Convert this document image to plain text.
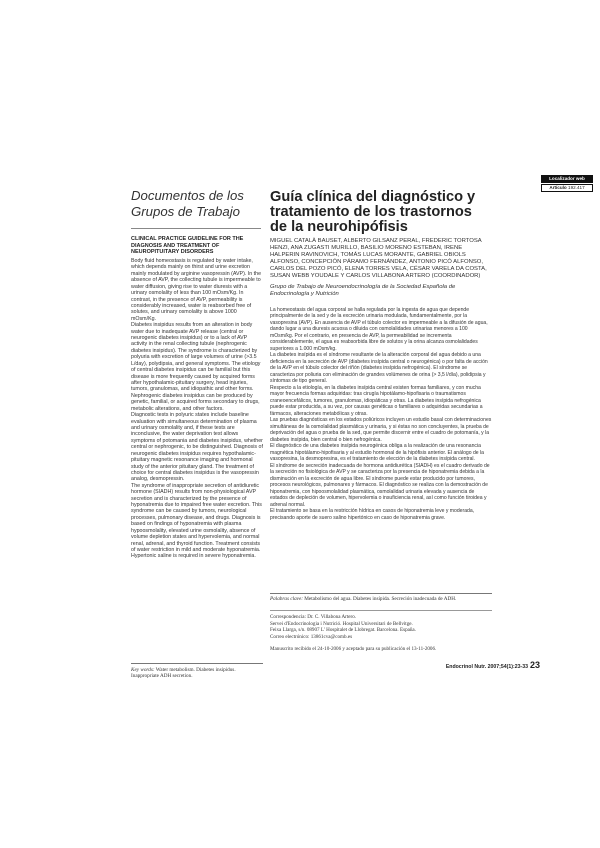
Localizador web
Artículo 192.417
Documentos de los Grupos de Trabajo
CLINICAL PRACTICE GUIDELINE FOR THE DIAGNOSIS AND TREATMENT OF NEUROPITUITARY DISORDERS

Body fluid homeostasis is regulated by water intake, which depends mainly on thirst and urine excretion mainly modulated by arginine vasopressin (AVP). In the absence of AVP, the collecting tubule is impermeable to water diffusion, giving rise to water diuresis with a urinary osmolality of less than 100 mOsm/Kg. In contrast, in the presence of AVP, permeability is considerably increased, water is reabsorbed free of solutes, and urinary osmolality is above 1000 mOsm/Kg.

Diabetes insipidus results from an alteration in body water due to inadequate AVP release (central or neurogenic diabetes insipidus) or to a lack of AVP activity in the renal collecting tubule (nephrogenic diabetes insipidus). The syndrome is characterized by polyuria with excretion of large volumes of urine (>3.5 L/day), polydipsia, and general symptoms. The etiology of central diabetes insipidus can be familial but this disease is more frequently caused by acquired forms after hypothalamic-pituitary surgery, head injuries, tumors, granulomas, and idiopathic and other forms. Nephrogenic diabetes insipidus can be produced by genetic, familial, or acquired forms secondary to drugs, metabolic alterations, and other factors.

Diagnostic tests in polyuric states include baseline evaluation with simultaneous determination of plasma and urinary osmolality and, if these tests are inconclusive, the water deprivation test allows symptoms of potomania and diabetes insipidus, whether central or nephrogenic, to be distinguished. Diagnosis of neurogenic diabetes insipidus requires hypothalamic-pituitary magnetic resonance imaging and hormonal study of the anterior pituitary gland. The treatment of choice for central diabetes insipidus is the vasopressin analog, desmopressin.

The syndrome of inappropriate secretion of antidiuretic hormone (SIADH) results from non-physiological AVP secretion and is characterized by the presence of hyponatremia due to impaired free water excretion. This syndrome can be caused by tumors, neurological processes, pulmonary disease, and drugs. Diagnosis is based on findings of hyponatremia with plasma hypoosmolality, elevated urine osmolality, absence of volume depletion states and hypervolemia, and normal renal, adrenal, and thyroid function. Treatment consists of water restriction in mild and moderate hyponatremia. Hypertonic saline is required in severe hyponatremia.

Key words: Water metabolism. Diabetes insipidus. Inappropriate ADH secretion.
Guía clínica del diagnóstico y tratamiento de los trastornos de la neurohipófisis
MIGUEL CATALÀ BAUSET, ALBERTO GILSANZ PERAL, FREDERIC TORTOSA HENZI, ANA ZUGASTI MURILLO, BASILIO MORENO ESTEBAN, IRENE HALPERIN RAVINOVICH, TOMÁS LUCAS MORANTE, GABRIEL OBIOLS ALFONSO, CONCEPCIÓN PÁRAMO FERNÁNDEZ, ANTONIO PICÓ ALFONSO, CARLOS DEL POZO PICÓ, ELENA TORRES VELA, CÉSAR VARELA DA COSTA, SUSAN WEBB YOUDALE Y CARLOS VILLABONA ARTERO (COORDINADOR)
Grupo de Trabajo de Neuroendocrinología de la Sociedad Española de Endocrinología y Nutrición

La homeostasis del agua corporal se halla regulada por la ingesta de agua que depende principalmente de la sed y de la excreción urinaria modulada, fundamentalmente, por la vasopresina (AVP). En ausencia de AVP el túbulo colector es impermeable a la difusión de agua, dando lugar a una diuresis acuosa o diluida con osmolalidades urinarias menores a 100 mOsm/kg. Por el contrario, en presencia de AVP, la permeabilidad se incrementa considerablemente, el agua es reabsorbida libre de solutos y la orina alcanza osmolalidades superiores a 1.000 mOsm/kg.

La diabetes insípida es el síndrome resultante de la alteración corporal del agua debido a una deficiencia en la secreción de AVP (diabetes insípida central o neurogénica) o por falta de acción de la AVP en el túbulo colector del riñón (diabetes insípida nefrogénica). El síndrome se caracteriza por poliuria con eliminación de grandes volúmenes de orina (> 3,5 l/día), polidipsia y síntomas de tipo general.

Respecto a la etiología, en la diabetes insípida central existen formas familiares, y con mucha mayor frecuencia formas adquiridas: tras cirugía hipotálamo-hipofisaria o traumatismos craneoencefálicos, tumores, granulomas, idiopáticas y otras. La diabetes insípida nefrogénica puede estar producida, a su vez, por causas genéticas o familiares o adquiridas secundarias a fármacos, alteraciones metabólicas y otras.

Las pruebas diagnósticas en los estados poliúricos incluyen un estudio basal con determinaciones simultáneas de la osmolalidad plasmática y urinaria, y si éstas no son concluyentes, la prueba de deprivación del agua o prueba de la sed, que permite discernir entre el cuadro de potomanía, y la diabetes insípida, bien central o bien nefrogénica.

El diagnóstico de una diabetes insípida neurogénica obliga a la realización de una resonancia magnética hipotálamo-hipofisaria y al estudio hormonal de la hipófisis anterior. El análogo de la vasopresina, la desmopresina, es el tratamiento de elección de la diabetes insípida central.

El síndrome de secreción inadecuada de hormona antidiurética (SIADH) es el cuadro derivado de la secreción no fisiológica de AVP y se caracteriza por la presencia de hiponatremia debida a la disminución en la excreción de agua libre. El síndrome puede estar producido por tumores, procesos neurológicos, pulmonares y fármacos. El diagnóstico se realiza con la demostración de hiponatremia, con hipoosmolalidad plasmática, osmolalidad urinaria elevada y ausencia de estados de depleción de volumen, hipervolemia o insuficiencia renal, así como función tiroidea y adrenal normal.

El tratamiento se basa en la restricción hídrica en casos de hiponatremia leve y moderada, precisando aporte de suero salino hipertónico en caso de hiponatremia grave.

Palabras clave: Metabolismo del agua. Diabetes insípida. Secreción inadecuada de ADH.
Correspondencia: Dr. C. Villabona Artero.
Servei d'Endocrinologia i Nutrició. Hospital Universitari de Bellvitge.
Feixa Llarga, s/n. 08907 L' Hospitalet de Llobregat. Barcelona. España.
Correo electrónico: 13861cva@comb.es
Manuscrito recibido el 24-10-2006 y aceptado para su publicación el 13-11-2006.
Endocrinol Nutr. 2007;54(1):23-33 23
